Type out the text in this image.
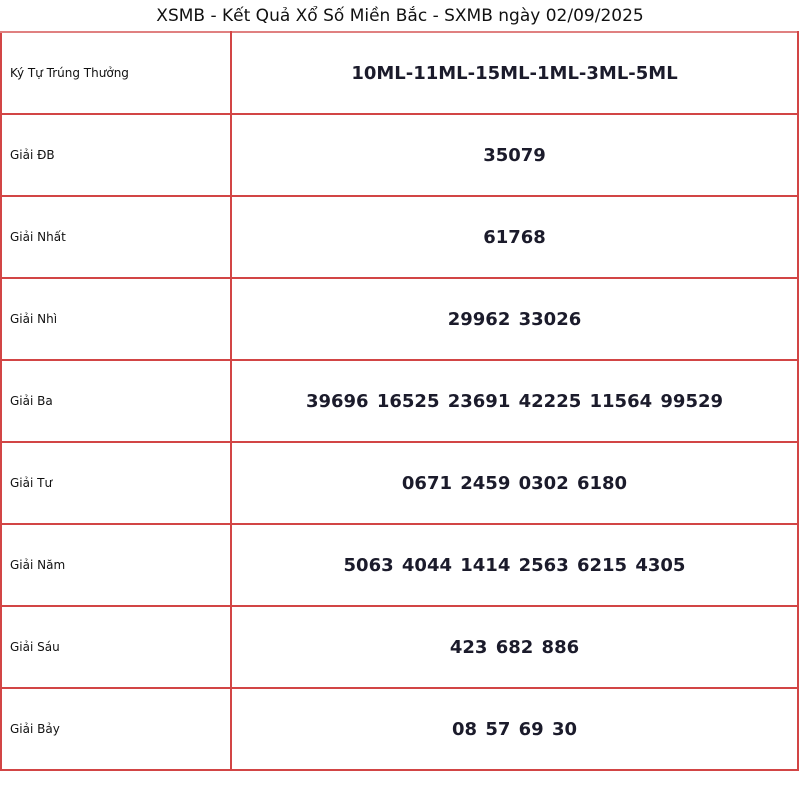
XSMB - Kết Quả Xổ Số Miền Bắc - SXMB ngày 02/09/2025
Ký Tự Trúng Thưởng	10ML-11ML-15ML-1ML-3ML-5ML
Giải ĐB	35079
Giải Nhất	61768
Giải Nhì	29962 33026
Giải Ba	39696 16525 23691 42225 11564 99529
Giải Tư	0671 2459 0302 6180
Giải Năm	5063 4044 1414 2563 6215 4305
Giải Sáu	423 682 886
Giải Bảy	08 57 69 30
